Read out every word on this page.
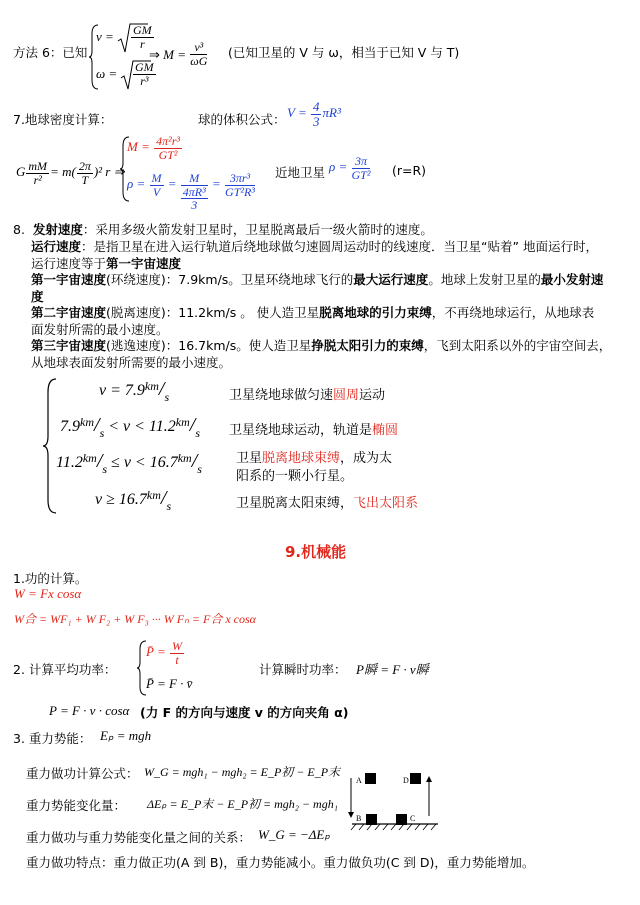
方法 6：已知
$v = \frac{GM}{r}$
$\omega = \frac{GM}{\text{r³}}$
⇒ $M = \frac{\text{v³}}{\omega G}$ (已知卫星的 V 与 ω，相当于已知 V 与 T)
7.地球密度计算：	球的体积公式： $V = \frac{4}{3} \pi R^3$
G $\frac{mM}{\text{r²}} = m( \frac{2\pi}{T} )^2$ r ⇒
$M = \frac{\text{4π²r³}}{\text{GT²}}$
$\rho = \frac{M}{V} = M$
4πR³
3
= $\frac{\text{3πr³}}{\text{GT²R³}}$ 近地卫星 $\rho = \frac{3\pi}{\text{GT²}} (r=R)$
8. 发射速度：采用多级火箭发射卫星时，卫星脱离最后一级火箭时的速度。
运行速度：是指卫星在进入运行轨道后绕地球做匀速圆周运动时的线速度．当卫星“贴着” 地面运行时，
运行速度等于第一宇宙速度
第一宇宙速度(环绕速度)：7.9km/s。卫星环绕地球飞行的最大运行速度。地球上发射卫星的最小发射速
度
第二宇宙速度(脱离速度)：11.2km/s 。 使人造卫星脱离地球的引力束缚，不再绕地球运行，从地球表
面发射所需的最小速度。
第三宇宙速度(逃逸速度)：16.7km/s。使人造卫星挣脱太阳引力的束缚，飞到太阳系以外的宇宙空间去，
从地球表面发射所需要的最小速度。
$v = 7.9^{km}/_s$	卫星绕地球做匀速圆周运动
$7.9^{km}/_s < v < 11.2^{km}/_s$ 卫星绕地球运动，轨道是椭圆
$11.2^{km}/_s \le v < 16.7^{km}/_s$
卫星脱离地球束缚，成为太
阳系的一颗小行星。
$v \ge 16.7^{km}/_s$	卫星脱离太阳束缚，飞出太阳系
9.机械能
1.功的计算。
W = Fx cosα
W合 = WF₁ + W F₂ + W F₃ ··· W Fₙ = F合 x cosα
2. 计算平均功率：
P̄ = $\frac{W}{t}$
P̄ = F · v̄
计算瞬时功率： P瞬 = F · v瞬
P = F · v · cosα (力 F 的方向与速度 v 的方向夹角 α)
3. 重力势能： Eₚ = mgh
重力做功计算公式： W_G = mgh₁ − mgh₂ = E_P初 − E_P末
重力势能变化量： ΔEₚ = E_P末 − E_P初 = mgh₂ − mgh₁
重力做功与重力势能变化量之间的关系： W_G = −ΔEₚ
重力做功特点：重力做正功(A 到 B)，重力势能减小。重力做负功(C 到 D)，重力势能增加。
A
B	C
D
